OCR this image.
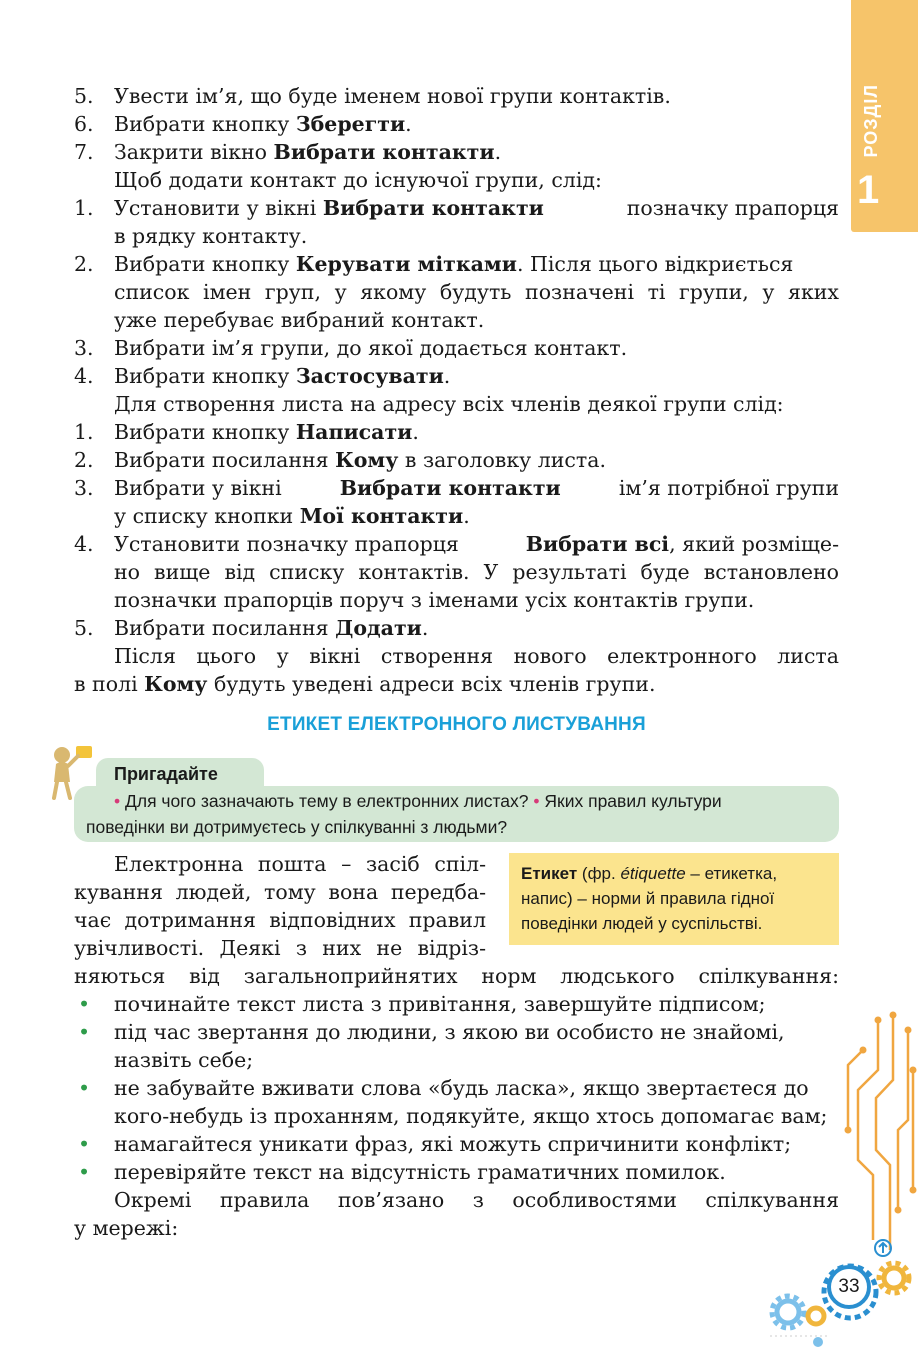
РОЗДІЛ
1
5. Увести ім’я, що буде іменем нової групи контактів.
6. Вибрати кнопку Зберегти.
7. Закрити вікно Вибрати контакти.
Щоб додати контакт до існуючої групи, слід:
1. Установити у вікні Вибрати контакти	позначку прапорця
в рядку контакту.
2. Вибрати кнопку Керувати мітками. Після цього відкриється
список імен груп, у якому будуть позначені ті групи, у яких
уже перебуває вибраний контакт.
3. Вибрати ім’я групи, до якої додається контакт.
4. Вибрати кнопку Застосувати.
Для створення листа на адресу всіх членів деякої групи слід:
1. Вибрати кнопку Написати.
2. Вибрати посилання Кому в заголовку листа.
3. Вибрати у вікні	Вибрати контакти	ім’я потрібної групи
у списку кнопки Мої контакти.
4. Установити позначку прапорця	Вибрати всі, який розміще-
но вище від списку контактів. У результаті буде встановлено
позначки прапорців поруч з іменами усіх контактів групи.
5. Вибрати посилання Додати.
Після цього у вікні створення нового електронного листа
в полі Кому будуть уведені адреси всіх членів групи.
ЕТИКЕТ ЕЛЕКТРОННОГО ЛИСТУВАННЯ
Пригадайте
• Для чого зазначають тему в електронних листах? • Яких правил культури
поведінки ви дотримуєтесь у спілкуванні з людьми?
Етикет (фр. étiquette – етикетка, напис) – норми й правила гідної поведінки людей у суспільстві.
Електронна пошта – засіб спіл-
кування людей, тому вона передба-
чає дотримання відповідних правил
увічливості. Деякі з них не відріз-
няються від загальноприйнятих норм людського спілкування:
• починайте текст листа з привітання, завершуйте підписом;
• під час звертання до людини, з якою ви особисто не знайомі,
назвіть себе;
• не забувайте вживати слова «будь ласка», якщо звертаєтеся до
кого-небудь із проханням, подякуйте, якщо хтось допомагає вам;
• намагайтеся уникати фраз, які можуть спричинити конфлікт;
• перевіряйте текст на відсутність граматичних помилок.
Окремі правила пов’язано з особливостями спілкування
у мережі:
33
